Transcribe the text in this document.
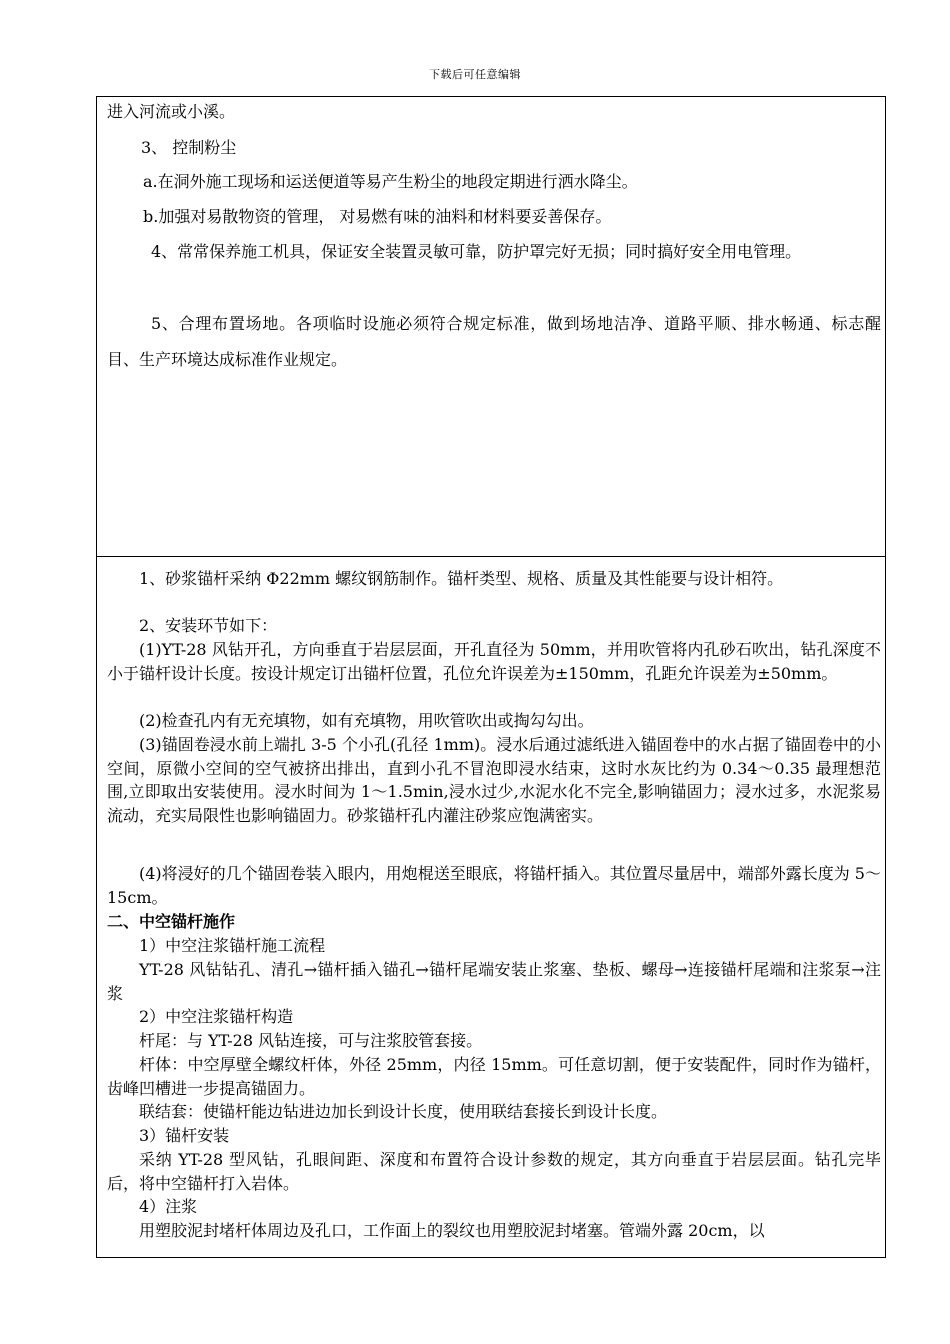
下载后可任意编辑

进入河流或小溪。

3、 控制粉尘

a.在洞外施工现场和运送便道等易产生粉尘的地段定期进行洒水降尘。

b.加强对易散物资的管理， 对易燃有味的油料和材料要妥善保存。

4、常常保养施工机具，保证安全装置灵敏可靠，防护罩完好无损；同时搞好安全用电管理。

5、合理布置场地。各项临时设施必须符合规定标准，做到场地洁净、道路平顺、排水畅通、标志醒目、生产环境达成标准作业规定。

1、砂浆锚杆采纳 Φ22mm 螺纹钢筋制作。锚杆类型、规格、质量及其性能要与设计相符。

2、安装环节如下：

(1)YT-28 风钻开孔，方向垂直于岩层层面，开孔直径为 50mm，并用吹管将内孔砂石吹出，钻孔深度不小于锚杆设计长度。按设计规定订出锚杆位置，孔位允许误差为±150mm，孔距允许误差为±50mm。

(2)检查孔内有无充填物，如有充填物，用吹管吹出或掏勾勾出。

(3)锚固卷浸水前上端扎 3-5 个小孔(孔径 1mm)。浸水后通过滤纸进入锚固卷中的水占据了锚固卷中的小空间，原微小空间的空气被挤出排出，直到小孔不冒泡即浸水结束，这时水灰比约为 0.34～0.35 最理想范围,立即取出安装使用。浸水时间为 1～1.5min,浸水过少,水泥水化不完全,影响锚固力；浸水过多，水泥浆易流动，充实局限性也影响锚固力。砂浆锚杆孔内灌注砂浆应饱满密实。

(4)将浸好的几个锚固卷装入眼内，用炮棍送至眼底，将锚杆插入。其位置尽量居中，端部外露长度为 5～15cm。

二、中空锚杆施作

1）中空注浆锚杆施工流程

YT-28 风钻钻孔、清孔→锚杆插入锚孔→锚杆尾端安装止浆塞、垫板、螺母→连接锚杆尾端和注浆泵→注浆

2）中空注浆锚杆构造

杆尾：与 YT-28 风钻连接，可与注浆胶管套接。

杆体：中空厚壁全螺纹杆体，外径 25mm，内径 15mm。可任意切割，便于安装配件，同时作为锚杆，齿峰凹槽进一步提高锚固力。

联结套：使锚杆能边钻进边加长到设计长度，使用联结套接长到设计长度。

3）锚杆安装

采纳 YT-28 型风钻，孔眼间距、深度和布置符合设计参数的规定，其方向垂直于岩层层面。钻孔完毕后，将中空锚杆打入岩体。

4）注浆

用塑胶泥封堵杆体周边及孔口，工作面上的裂纹也用塑胶泥封堵塞。管端外露 20cm，以
